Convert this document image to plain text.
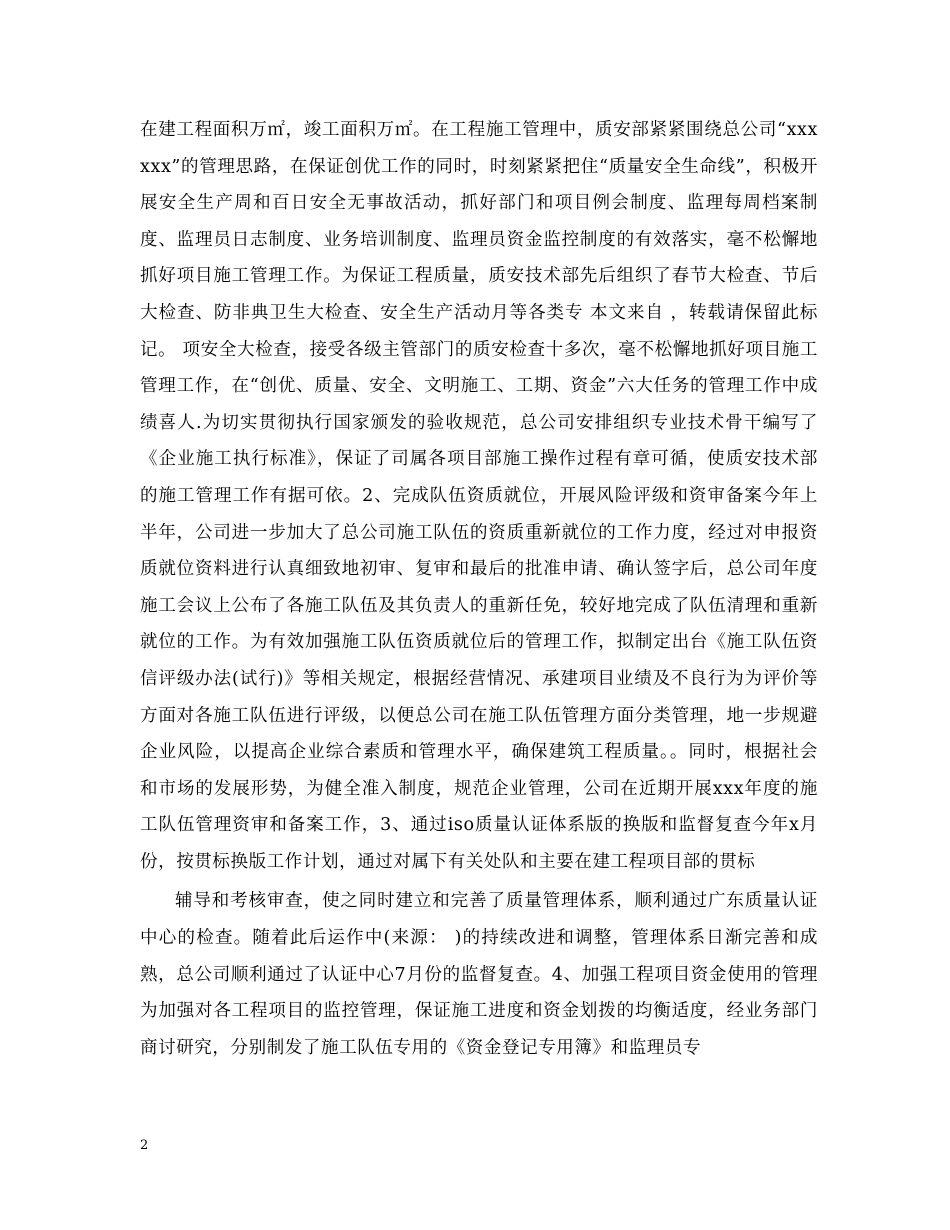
在建工程面积万㎡，竣工面积万㎡。在工程施工管理中，质安部紧紧围绕总公司“xxxxxx”的管理思路，在保证创优工作的同时，时刻紧紧把住“质量安全生命线”，积极开展安全生产周和百日安全无事故活动，抓好部门和项目例会制度、监理每周档案制度、监理员日志制度、业务培训制度、监理员资金监控制度的有效落实，毫不松懈地抓好项目施工管理工作。为保证工程质量，质安技术部先后组织了春节大检查、节后大检查、防非典卫生大检查、安全生产活动月等各类专 本文来自 ，转载请保留此标记。 项安全大检查，接受各级主管部门的质安检查十多次，毫不松懈地抓好项目施工管理工作，在“创优、质量、安全、文明施工、工期、资金”六大任务的管理工作中成绩喜人.为切实贯彻执行国家颁发的验收规范，总公司安排组织专业技术骨干编写了《企业施工执行标准》，保证了司属各项目部施工操作过程有章可循，使质安技术部的施工管理工作有据可依。2、完成队伍资质就位，开展风险评级和资审备案今年上半年，公司进一步加大了总公司施工队伍的资质重新就位的工作力度，经过对申报资质就位资料进行认真细致地初审、复审和最后的批准申请、确认签字后，总公司年度施工会议上公布了各施工队伍及其负责人的重新任免，较好地完成了队伍清理和重新就位的工作。为有效加强施工队伍资质就位后的管理工作，拟制定出台《施工队伍资信评级办法(试行)》等相关规定，根据经营情况、承建项目业绩及不良行为为评价等方面对各施工队伍进行评级，以便总公司在施工队伍管理方面分类管理，地一步规避企业风险，以提高企业综合素质和管理水平，确保建筑工程质量。。同时，根据社会和市场的发展形势，为健全准入制度，规范企业管理，公司在近期开展xxx年度的施工队伍管理资审和备案工作，3、通过iso质量认证体系版的换版和监督复查今年x月份，按贯标换版工作计划，通过对属下有关处队和主要在建工程项目部的贯标

辅导和考核审查，使之同时建立和完善了质量管理体系，顺利通过广东质量认证中心的检查。随着此后运作中(来源： )的持续改进和调整，管理体系日渐完善和成熟，总公司顺利通过了认证中心7月份的监督复查。4、加强工程项目资金使用的管理为加强对各工程项目的监控管理，保证施工进度和资金划拨的均衡适度，经业务部门商讨研究，分别制发了施工队伍专用的《资金登记专用簿》和监理员专

2
